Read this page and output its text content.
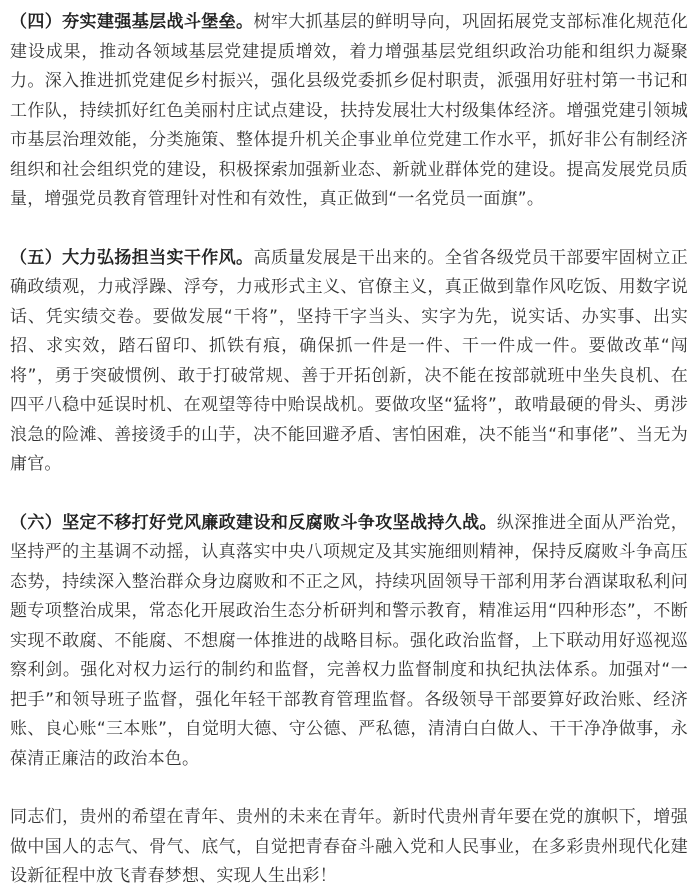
（四）夯实建强基层战斗堡垒。树牢大抓基层的鲜明导向，巩固拓展党支部标准化规范化建设成果，推动各领域基层党建提质增效，着力增强基层党组织政治功能和组织力凝聚力。深入推进抓党建促乡村振兴，强化县级党委抓乡促村职责，派强用好驻村第一书记和工作队，持续抓好红色美丽村庄试点建设，扶持发展壮大村级集体经济。增强党建引领城市基层治理效能，分类施策、整体提升机关企事业单位党建工作水平，抓好非公有制经济组织和社会组织党的建设，积极探索加强新业态、新就业群体党的建设。提高发展党员质量，增强党员教育管理针对性和有效性，真正做到“一名党员一面旗”。

（五）大力弘扬担当实干作风。高质量发展是干出来的。全省各级党员干部要牢固树立正确政绩观，力戒浮躁、浮夸，力戒形式主义、官僚主义，真正做到靠作风吃饭、用数字说话、凭实绩交卷。要做发展“干将”，坚持干字当头、实字为先，说实话、办实事、出实招、求实效，踏石留印、抓铁有痕，确保抓一件是一件、干一件成一件。要做改革“闯将”，勇于突破惯例、敢于打破常规、善于开拓创新，决不能在按部就班中坐失良机、在四平八稳中延误时机、在观望等待中贻误战机。要做攻坚“猛将”，敢啃最硬的骨头、勇涉浪急的险滩、善接烫手的山芋，决不能回避矛盾、害怕困难，决不能当“和事佬”、当无为庸官。

（六）坚定不移打好党风廉政建设和反腐败斗争攻坚战持久战。纵深推进全面从严治党，坚持严的主基调不动摇，认真落实中央八项规定及其实施细则精神，保持反腐败斗争高压态势，持续深入整治群众身边腐败和不正之风，持续巩固领导干部利用茅台酒谋取私利问题专项整治成果，常态化开展政治生态分析研判和警示教育，精准运用“四种形态”，不断实现不敢腐、不能腐、不想腐一体推进的战略目标。强化政治监督，上下联动用好巡视巡察利剑。强化对权力运行的制约和监督，完善权力监督制度和执纪执法体系。加强对“一把手”和领导班子监督，强化年轻干部教育管理监督。各级领导干部要算好政治账、经济账、良心账“三本账”，自觉明大德、守公德、严私德，清清白白做人、干干净净做事，永葆清正廉洁的政治本色。

同志们，贵州的希望在青年、贵州的未来在青年。新时代贵州青年要在党的旗帜下，增强做中国人的志气、骨气、底气，自觉把青春奋斗融入党和人民事业，在多彩贵州现代化建设新征程中放飞青春梦想、实现人生出彩！
